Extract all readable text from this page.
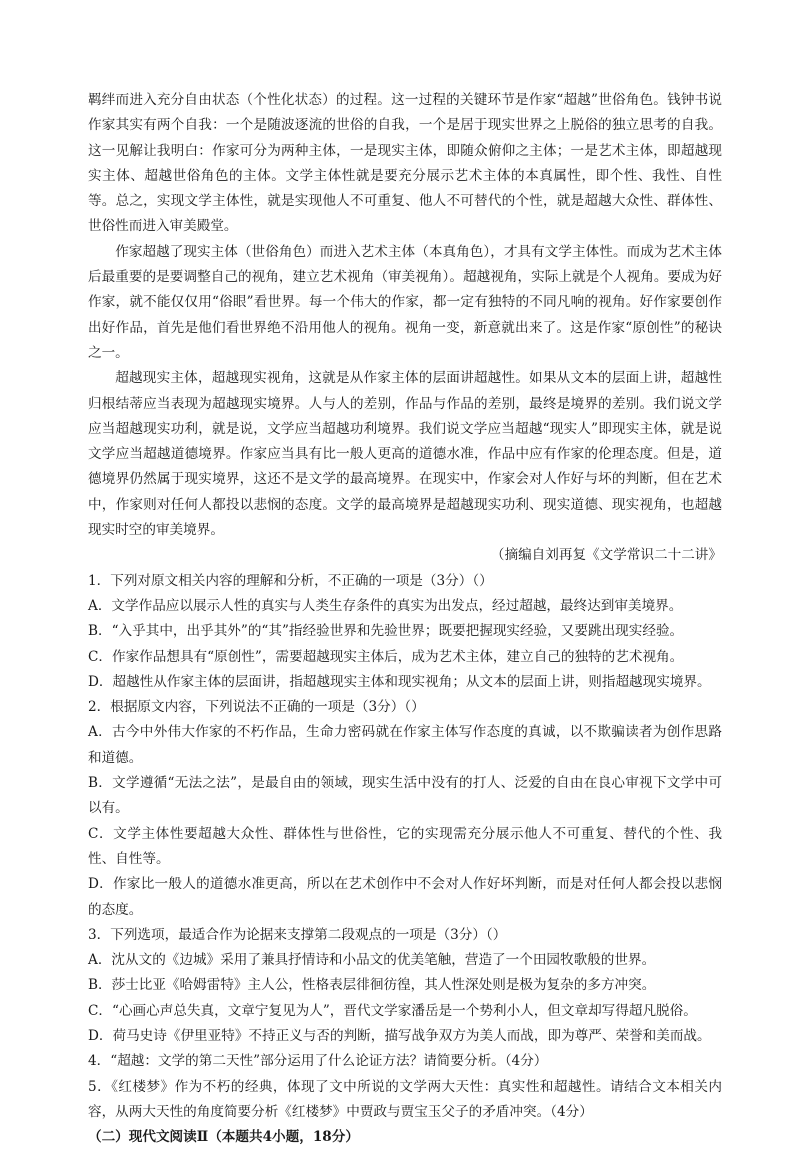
羁绊而进入充分自由状态（个性化状态）的过程。这一过程的关键环节是作家“超越”世俗角色。钱钟书说作家其实有两个自我：一个是随波逐流的世俗的自我，一个是居于现实世界之上脱俗的独立思考的自我。这一见解让我明白：作家可分为两种主体，一是现实主体，即随众俯仰之主体；一是艺术主体，即超越现实主体、超越世俗角色的主体。文学主体性就是要充分展示艺术主体的本真属性，即个性、我性、自性等。总之，实现文学主体性，就是实现他人不可重复、他人不可替代的个性，就是超越大众性、群体性、世俗性而进入审美殿堂。

作家超越了现实主体（世俗角色）而进入艺术主体（本真角色），才具有文学主体性。而成为艺术主体后最重要的是要调整自己的视角，建立艺术视角（审美视角）。超越视角，实际上就是个人视角。要成为好作家，就不能仅仅用“俗眼”看世界。每一个伟大的作家，都一定有独特的不同凡响的视角。好作家要创作出好作品，首先是他们看世界绝不沿用他人的视角。视角一变，新意就出来了。这是作家“原创性”的秘诀之一。

超越现实主体，超越现实视角，这就是从作家主体的层面讲超越性。如果从文本的层面上讲，超越性归根结蒂应当表现为超越现实境界。人与人的差别，作品与作品的差别，最终是境界的差别。我们说文学应当超越现实功利，就是说，文学应当超越功利境界。我们说文学应当超越“现实人”即现实主体，就是说文学应当超越道德境界。作家应当具有比一般人更高的道德水准，作品中应有作家的伦理态度。但是，道德境界仍然属于现实境界，这还不是文学的最高境界。在现实中，作家会对人作好与坏的判断，但在艺术中，作家则对任何人都投以悲悯的态度。文学的最高境界是超越现实功利、现实道德、现实视角，也超越现实时空的审美境界。

（摘编自刘再复《文学常识二十二讲》

1．下列对原文相关内容的理解和分析，不正确的一项是（3分）（）

A．文学作品应以展示人性的真实与人类生存条件的真实为出发点，经过超越，最终达到审美境界。

B．“入乎其中，出乎其外”的“其”指经验世界和先验世界；既要把握现实经验，又要跳出现实经验。

C．作家作品想具有“原创性”，需要超越现实主体后，成为艺术主体，建立自己的独特的艺术视角。

D．超越性从作家主体的层面讲，指超越现实主体和现实视角；从文本的层面上讲，则指超越现实境界。

2．根据原文内容，下列说法不正确的一项是（3分）（）

A．古今中外伟大作家的不朽作品，生命力密码就在作家主体写作态度的真诚，以不欺骗读者为创作思路和道德。

B．文学遵循“无法之法”，是最自由的领域，现实生活中没有的打人、泛爱的自由在良心审视下文学中可以有。

C．文学主体性要超越大众性、群体性与世俗性，它的实现需充分展示他人不可重复、替代的个性、我性、自性等。

D．作家比一般人的道德水准更高，所以在艺术创作中不会对人作好坏判断，而是对任何人都会投以悲悯的态度。

3．下列选项，最适合作为论据来支撑第二段观点的一项是（3分）（）

A．沈从文的《边城》采用了兼具抒情诗和小品文的优美笔触，营造了一个田园牧歌般的世界。

B．莎士比亚《哈姆雷特》主人公，性格表层徘徊彷徨，其人性深处则是极为复杂的多方冲突。

C．“心画心声总失真，文章宁复见为人”，晋代文学家潘岳是一个势利小人，但文章却写得超凡脱俗。

D．荷马史诗《伊里亚特》不持正义与否的判断，描写战争双方为美人而战，即为尊严、荣誉和美而战。

4．“超越：文学的第二天性”部分运用了什么论证方法？请简要分析。（4分）

5．《红楼梦》作为不朽的经典，体现了文中所说的文学两大天性：真实性和超越性。请结合文本相关内容，从两大天性的角度简要分析《红楼梦》中贾政与贾宝玉父子的矛盾冲突。（4分）

（二）现代文阅读Ⅱ（本题共4小题，18分）
